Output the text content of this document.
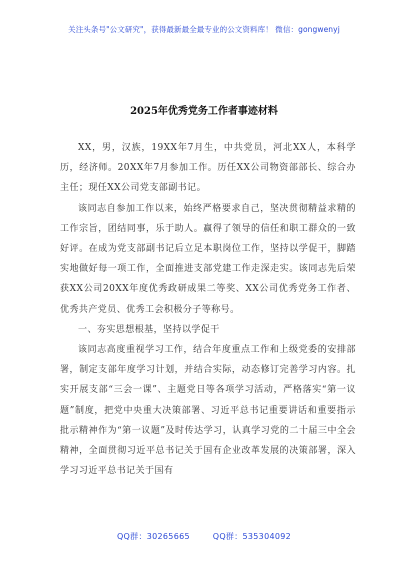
关注头条号"公文研究"，获得最新最全最专业的公文资料库！ 微信：gongwenyj
2025年优秀党务工作者事迹材料

XX，男，汉族，19XX年7月生，中共党员，河北XX人，本科学历，经济师。20XX年7月参加工作。历任XX公司物资部部长、综合办主任；现任XX公司党支部副书记。

该同志自参加工作以来，始终严格要求自己，坚决贯彻精益求精的工作宗旨，团结同事，乐于助人。赢得了领导的信任和职工群众的一致好评。在成为党支部副书记后立足本职岗位工作，坚持以学促干，脚踏实地做好每一项工作，全面推进支部党建工作走深走实。该同志先后荣获XX公司20XX年度优秀政研成果二等奖、XX公司优秀党务工作者、优秀共产党员、优秀工会积极分子等称号。

一、夯实思想根基，坚持以学促干

该同志高度重视学习工作，结合年度重点工作和上级党委的安排部署，制定支部年度学习计划，并结合实际，动态修订完善学习内容。扎实开展支部“三会一课”、主题党日等各项学习活动，严格落实“第一议题”制度，把党中央重大决策部署、习近平总书记重要讲话和重要指示批示精神作为“第一议题”及时传达学习，认真学习党的二十届三中全会精神，全面贯彻习近平总书记关于国有企业改革发展的决策部署，深入学习习近平总书记关于国有

QQ群：30265665	QQ群：535304092
